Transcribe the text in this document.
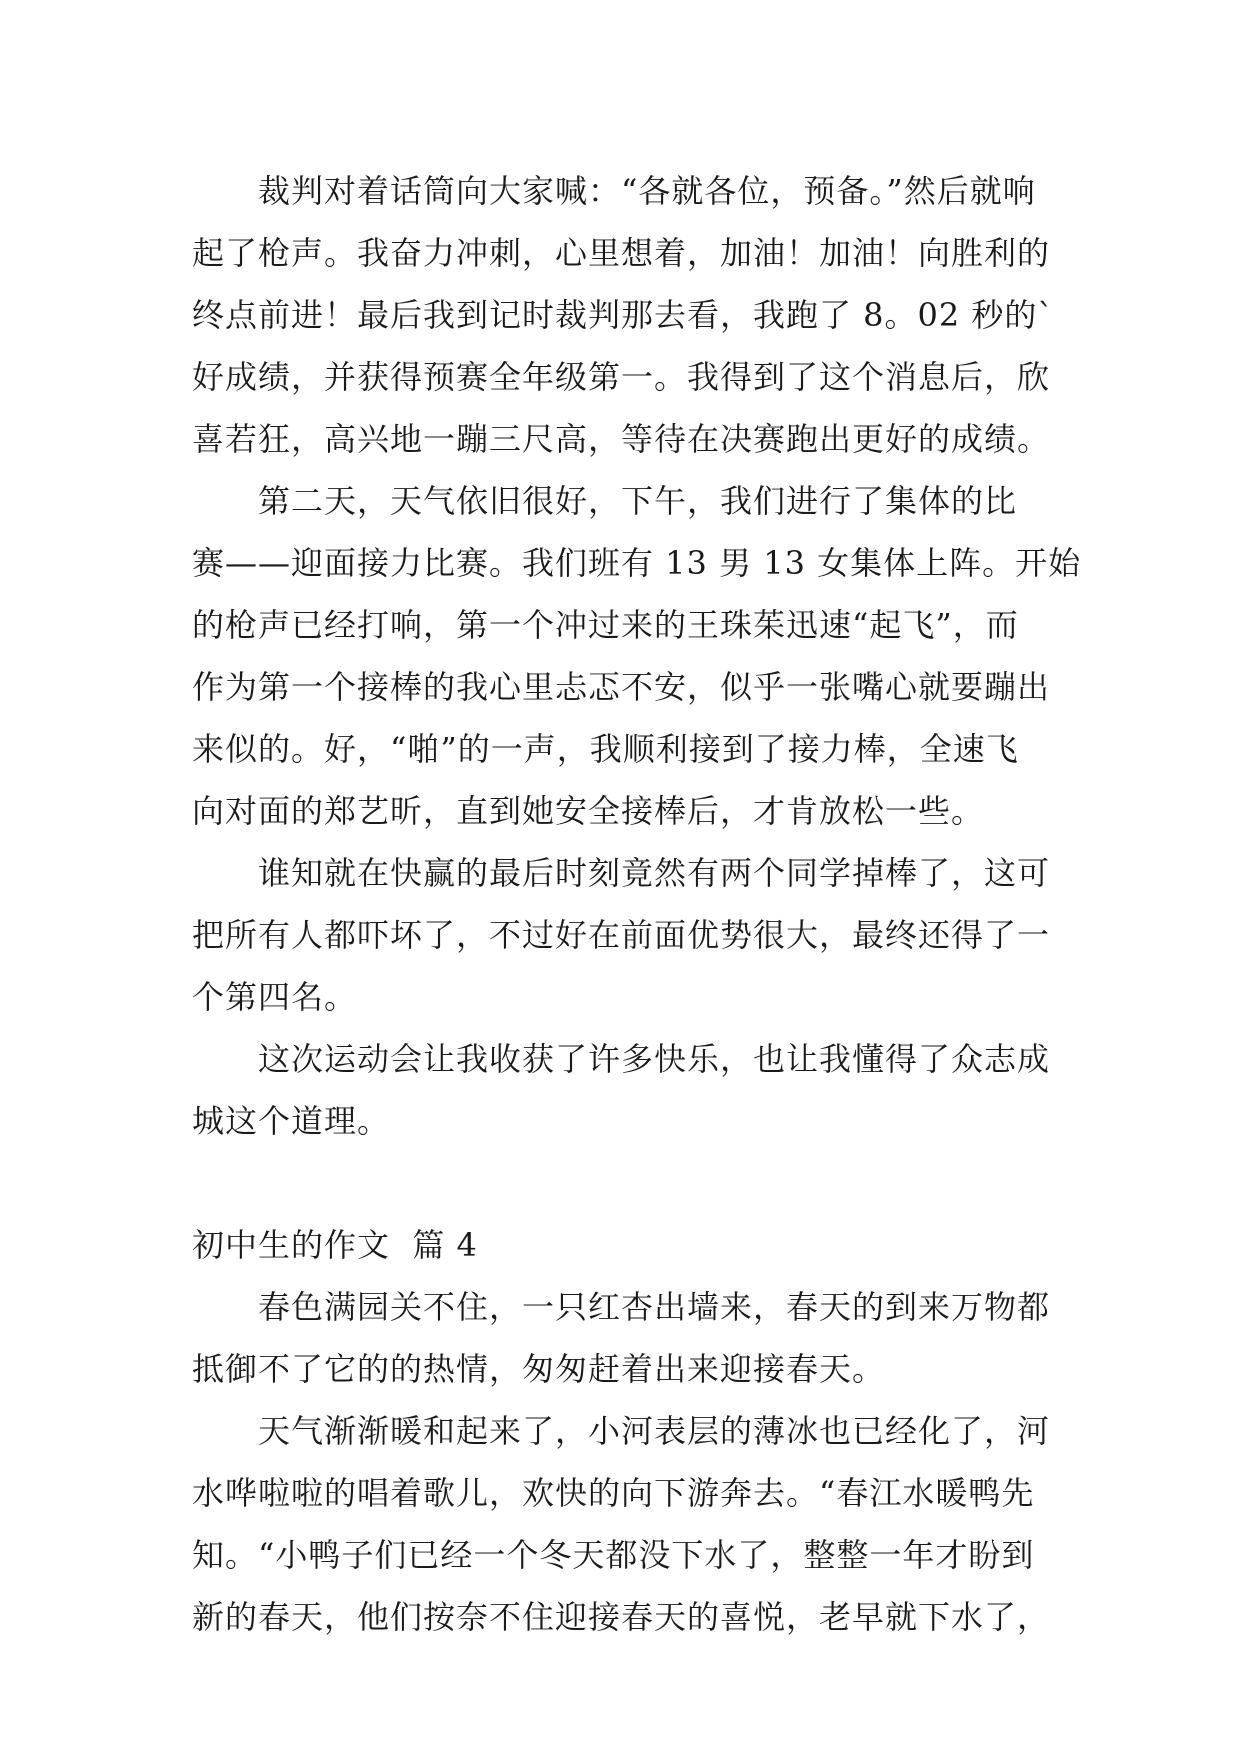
　　裁判对着话筒向大家喊：“各就各位，预备。”然后就响
起了枪声。我奋力冲刺，心里想着，加油！加油！向胜利的
终点前进！最后我到记时裁判那去看，我跑了 8。02 秒的`
好成绩，并获得预赛全年级第一。我得到了这个消息后，欣
喜若狂，高兴地一蹦三尺高，等待在决赛跑出更好的成绩。
　　第二天，天气依旧很好，下午，我们进行了集体的比
赛——迎面接力比赛。我们班有 13 男 13 女集体上阵。开始
的枪声已经打响，第一个冲过来的王珠茱迅速“起飞”，而
作为第一个接棒的我心里忐忑不安，似乎一张嘴心就要蹦出
来似的。好，“啪”的一声，我顺利接到了接力棒，全速飞
向对面的郑艺昕，直到她安全接棒后，才肯放松一些。
　　谁知就在快赢的最后时刻竟然有两个同学掉棒了，这可
把所有人都吓坏了，不过好在前面优势很大，最终还得了一
个第四名。
　　这次运动会让我收获了许多快乐，也让我懂得了众志成
城这个道理。
初中生的作文  篇 4
　　春色满园关不住，一只红杏出墙来，春天的到来万物都
抵御不了它的的热情，匆匆赶着出来迎接春天。
　　天气渐渐暖和起来了，小河表层的薄冰也已经化了，河
水哗啦啦的唱着歌儿，欢快的向下游奔去。“春江水暖鸭先
知。“小鸭子们已经一个冬天都没下水了，整整一年才盼到
新的春天，他们按奈不住迎接春天的喜悦，老早就下水了，
